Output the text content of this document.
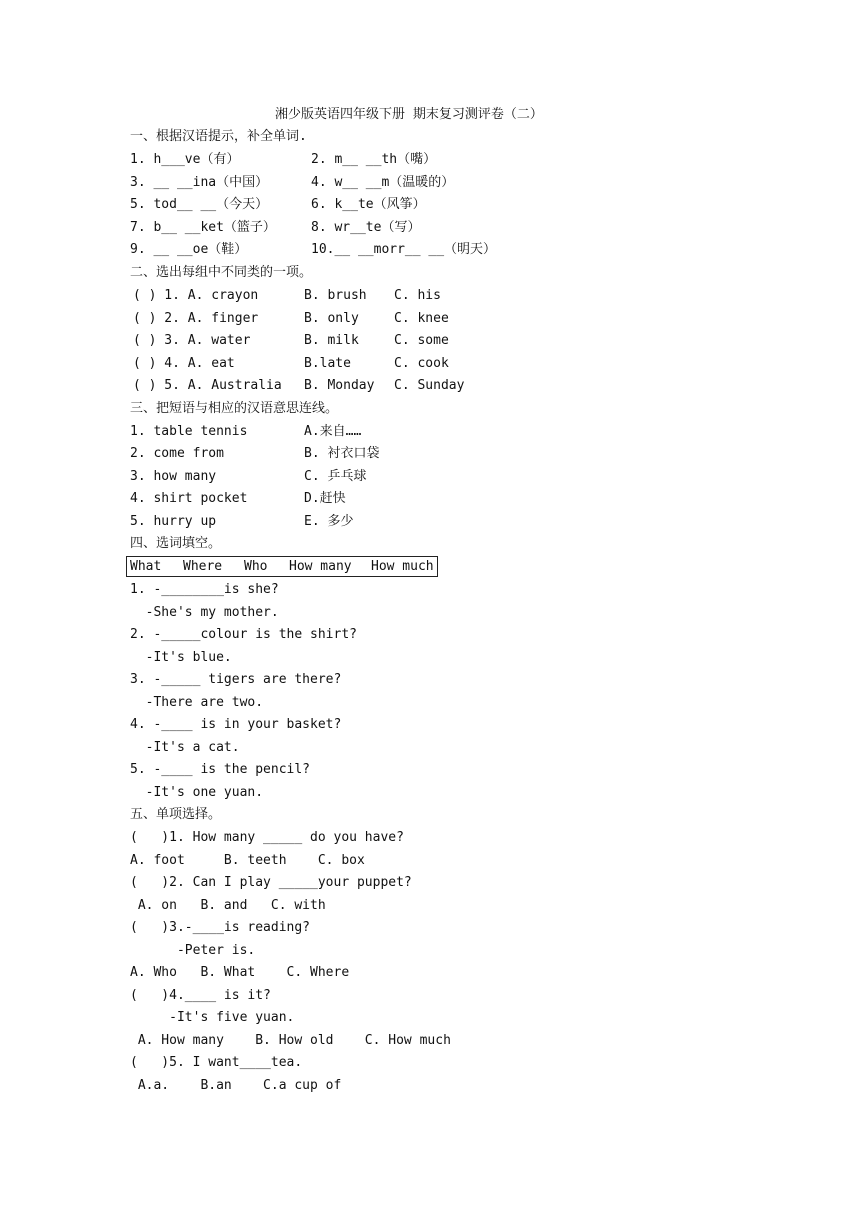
湘少版英语四年级下册 期末复习测评卷（二）
一、根据汉语提示，补全单词.
1. h___ve（有）	2. m__ __th（嘴）
3. __ __ina（中国）	4. w__ __m（温暖的）
5. tod__ __（今天）	6. k__te（风筝）
7. b__ __ket（篮子）	8. wr__te（写）
9. __ __oe（鞋）	10.__ __morr__ __（明天）
二、选出每组中不同类的一项。
( ) 1. A. crayon	B. brush C. his
( ) 2. A. finger	B. only	C. knee
( ) 3. A. water	B. milk	C. some
( ) 4. A. eat	B.late	C. cook
( ) 5. A. Australia B. Monday C. Sunday
三、把短语与相应的汉语意思连线。
1. table tennis	A.来自……
2. come from	B. 衬衣口袋
3. how many	C. 乒乓球
4. shirt pocket	D.赶快
5. hurry up	E. 多少
四、选词填空。
What Where Who How many How much
1. -________is she?
-She's my mother.
2. -_____colour is the shirt?
-It's blue.
3. -_____ tigers are there?
-There are two.
4. -____ is in your basket?
-It's a cat.
5. -____ is the pencil?
-It's one yuan.
五、单项选择。
(   )1. How many _____ do you have?
A. foot     B. teeth    C. box
(   )2. Can I play _____your puppet?
A. on   B. and   C. with
(   )3.-____is reading?
-Peter is.
A. Who   B. What    C. Where
(   )4.____ is it?
-It's five yuan.
A. How many    B. How old    C. How much
(   )5. I want____tea.
A.a.    B.an    C.a cup of
